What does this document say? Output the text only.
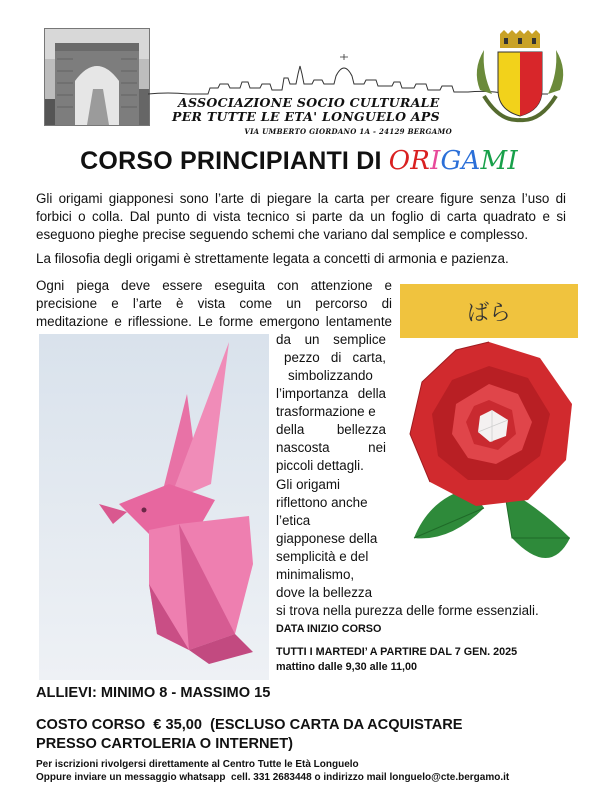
ASSOCIAZIONE SOCIO CULTURALE
PER TUTTE LE ETA' LONGUELO APS
VIA UMBERTO GIORDANO 1A - 24129 BERGAMO
CORSO PRINCIPIANTI DI ORIGAMI
Gli origami giapponesi sono l’arte di piegare la carta per creare figure senza l’uso di
forbici o colla. Dal punto di vista tecnico si parte da un foglio di carta quadrato e si
eseguono pieghe precise seguendo schemi che variano dal semplice e complesso.
La filosofia degli origami è strettamente legata a concetti di armonia e pazienza.
Ogni piega deve essere eseguita con attenzione e
precisione e l’arte è vista come un percorso di
meditazione e riflessione. Le forme emergono lentamente
da un semplice
pezzo di carta,
simbolizzando
l’importanza della
trasformazione e
della bellezza
nascosta nei
piccoli dettagli.
Gli origami
riflettono anche
l’etica
giapponese della
semplicità e del
minimalismo,
dove la bellezza
si trova nella purezza delle forme essenziali.
ばら
DATA INIZIO CORSO
TUTTI I MARTEDI’ A PARTIRE DAL 7 GEN. 2025
mattino dalle 9,30 alle 11,00
ALLIEVI: MINIMO 8 - MASSIMO 15
COSTO CORSO  € 35,00  (ESCLUSO CARTA DA ACQUISTARE
PRESSO CARTOLERIA O INTERNET)
Per iscrizioni rivolgersi direttamente al Centro Tutte le Età Longuelo
Oppure inviare un messaggio whatsapp  cell. 331 2683448 o indirizzo mail longuelo@cte.bergamo.it
